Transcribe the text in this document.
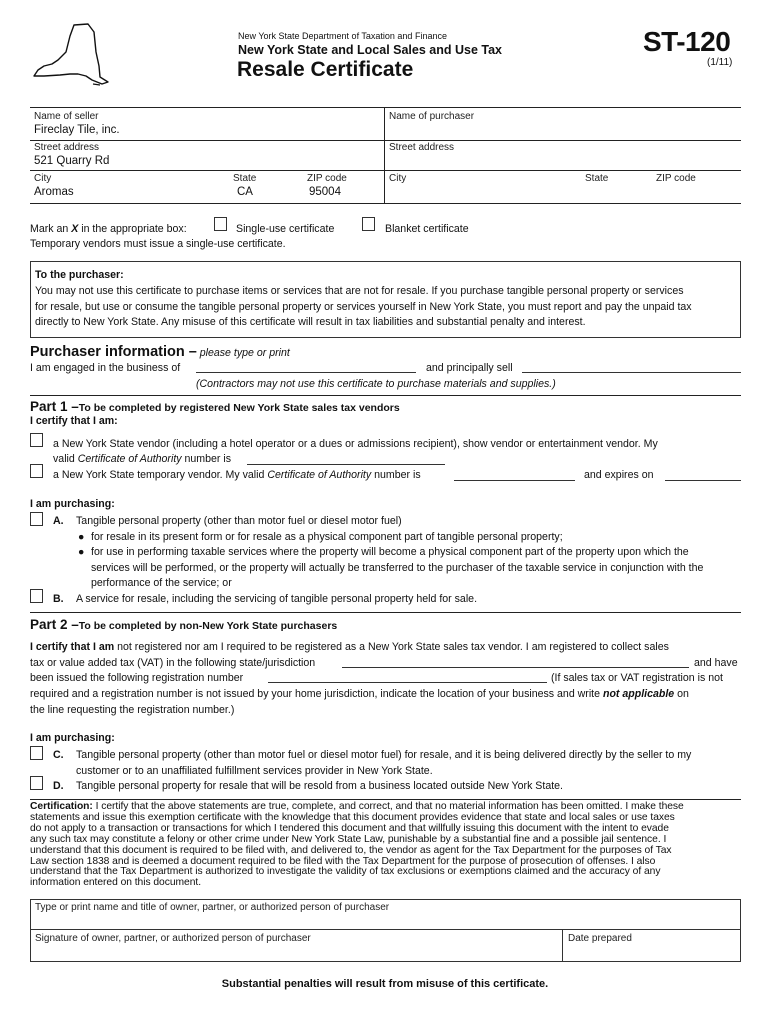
New York State Department of Taxation and Finance
New York State and Local Sales and Use Tax
Resale Certificate
ST-120
(1/11)
Name of seller
Fireclay Tile, inc.
Name of purchaser
Street address
521 Quarry Rd
Street address
City
Aromas
State
CA
ZIP code
95004
City	State	ZIP code
Mark an X in the appropriate box:	Single-use certificate	Blanket certificate
Temporary vendors must issue a single-use certificate.
To the purchaser:
You may not use this certificate to purchase items or services that are not for resale. If you purchase tangible personal property or services
for resale, but use or consume the tangible personal property or services yourself in New York State, you must report and pay the unpaid tax
directly to New York State. Any misuse of this certificate will result in tax liabilities and substantial penalty and interest.
Purchaser information – please type or print
I am engaged in the business of	and principally sell
(Contractors may not use this certificate to purchase materials and supplies.)
Part 1 –To be completed by registered New York State sales tax vendors
I certify that I am:
a New York State vendor (including a hotel operator or a dues or admissions recipient), show vendor or entertainment vendor. My
valid Certificate of Authority number is
a New York State temporary vendor. My valid Certificate of Authority number is	and expires on
I am purchasing:
A. Tangible personal property (other than motor fuel or diesel motor fuel)
● for resale in its present form or for resale as a physical component part of tangible personal property;
● for use in performing taxable services where the property will become a physical component part of the property upon which the
services will be performed, or the property will actually be transferred to the purchaser of the taxable service in conjunction with the
performance of the service; or
B. A service for resale, including the servicing of tangible personal property held for sale.
Part 2 –To be completed by non-New York State purchasers
I certify that I am not registered nor am I required to be registered as a New York State sales tax vendor. I am registered to collect sales
tax or value added tax (VAT) in the following state/jurisdiction	and have
been issued the following registration number	(If sales tax or VAT registration is not
required and a registration number is not issued by your home jurisdiction, indicate the location of your business and write not applicable on
the line requesting the registration number.)
I am purchasing:
C. Tangible personal property (other than motor fuel or diesel motor fuel) for resale, and it is being delivered directly by the seller to my
customer or to an unaffiliated fulfillment services provider in New York State.
D. Tangible personal property for resale that will be resold from a business located outside New York State.
Certification: I certify that the above statements are true, complete, and correct, and that no material information has been omitted. I make these
statements and issue this exemption certificate with the knowledge that this document provides evidence that state and local sales or use taxes
do not apply to a transaction or transactions for which I tendered this document and that willfully issuing this document with the intent to evade
any such tax may constitute a felony or other crime under New York State Law, punishable by a substantial fine and a possible jail sentence. I
understand that this document is required to be filed with, and delivered to, the vendor as agent for the Tax Department for the purposes of Tax
Law section 1838 and is deemed a document required to be filed with the Tax Department for the purpose of prosecution of offenses. I also
understand that the Tax Department is authorized to investigate the validity of tax exclusions or exemptions claimed and the accuracy of any
information entered on this document.
Type or print name and title of owner, partner, or authorized person of purchaser
Signature of owner, partner, or authorized person of purchaser	Date prepared
Substantial penalties will result from misuse of this certificate.
